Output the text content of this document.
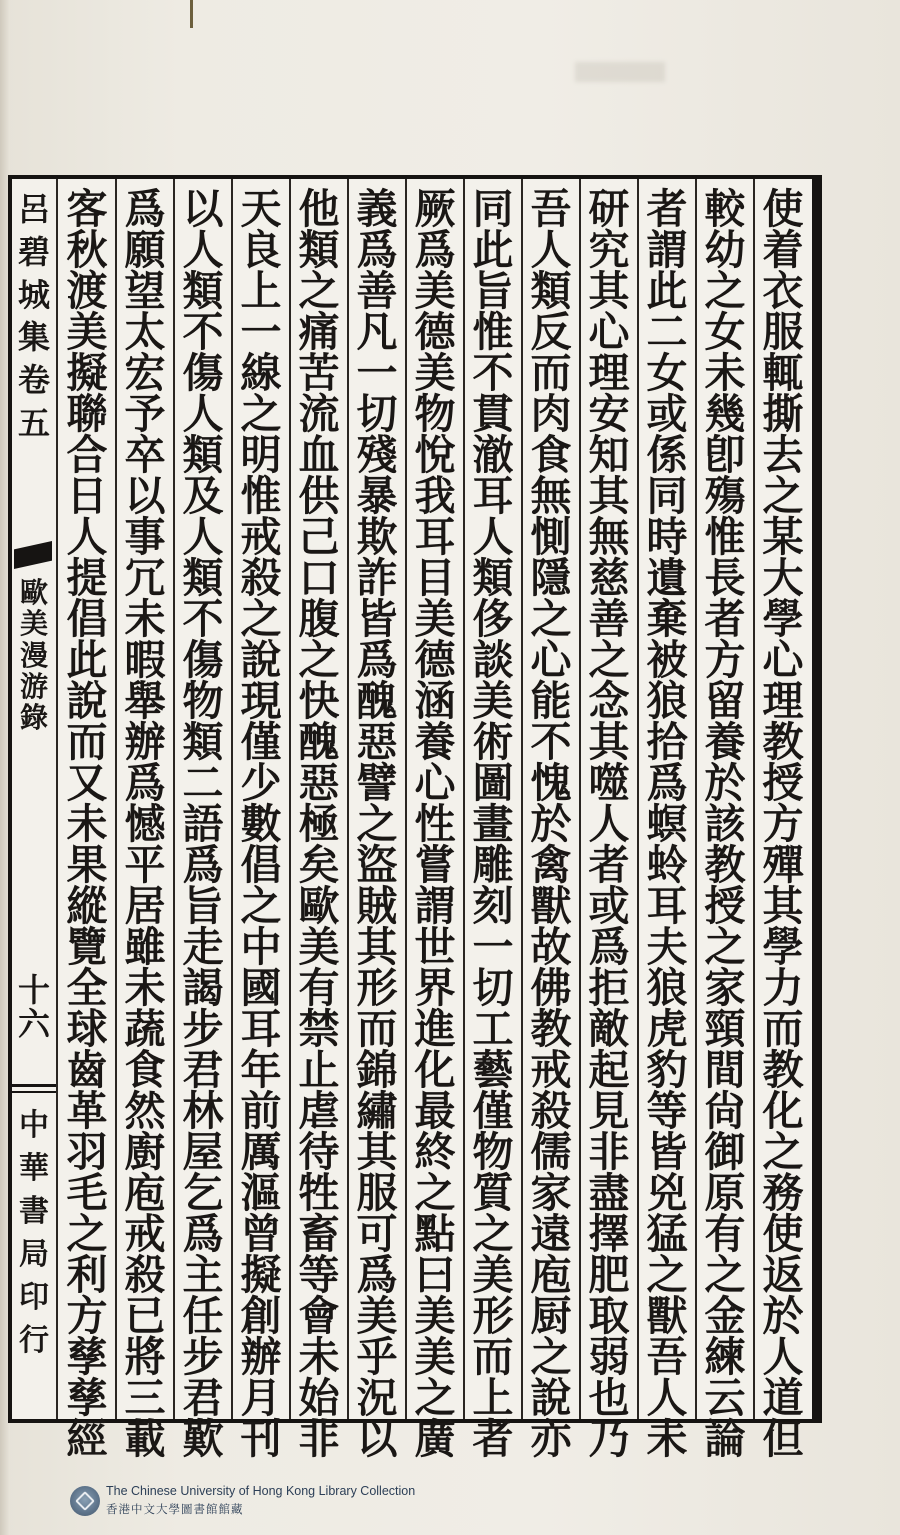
呂
碧
城
集
卷
五
歐
美
漫
游
錄
十
六
中
華
書
局
印
行
使
着
衣
服
輒
撕
去
之
某
大
學
心
理
教
授
方
殫
其
學
力
而
教
化
之
務
使
返
於
人
道
但
較
幼
之
女
未
幾
卽
殤
惟
長
者
方
留
養
於
該
教
授
之
家
頸
間
尙
御
原
有
之
金
練
云
論
者
謂
此
二
女
或
係
同
時
遺
棄
被
狼
拾
爲
螟
蛉
耳
夫
狼
虎
豹
等
皆
兇
猛
之
獸
吾
人
未
研
究
其
心
理
安
知
其
無
慈
善
之
念
其
噬
人
者
或
爲
拒
敵
起
見
非
盡
擇
肥
取
弱
也
乃
吾
人
類
反
而
肉
食
無
惻
隱
之
心
能
不
愧
於
禽
獸
故
佛
教
戒
殺
儒
家
遠
庖
厨
之
說
亦
同
此
旨
惟
不
貫
澈
耳
人
類
侈
談
美
術
圖
畫
雕
刻
一
切
工
藝
僅
物
質
之
美
形
而
上
者
厥
爲
美
德
美
物
悅
我
耳
目
美
德
涵
養
心
性
嘗
謂
世
界
進
化
最
終
之
點
曰
美
美
之
廣
義
爲
善
凡
一
切
殘
暴
欺
詐
皆
爲
醜
惡
譬
之
盜
賊
其
形
而
錦
繡
其
服
可
爲
美
乎
況
以
他
類
之
痛
苦
流
血
供
己
口
腹
之
快
醜
惡
極
矣
歐
美
有
禁
止
虐
待
牲
畜
等
會
未
始
非
天
良
上
一
線
之
明
惟
戒
殺
之
說
現
僅
少
數
倡
之
中
國
耳
年
前
厲
漚
曾
擬
創
辦
月
刊
以
人
類
不
傷
人
類
及
人
類
不
傷
物
類
二
語
爲
旨
走
謁
步
君
林
屋
乞
爲
主
任
步
君
歎
爲
願
望
太
宏
予
卒
以
事
冗
未
暇
舉
辦
爲
憾
平
居
雖
未
蔬
食
然
廚
庖
戒
殺
已
將
三
載
客
秋
渡
美
擬
聯
合
日
人
提
倡
此
說
而
又
未
果
縱
覽
全
球
齒
革
羽
毛
之
利
方
孳
孳
經
The Chinese University of Hong Kong Library Collection
香港中文大學圖書館館藏
